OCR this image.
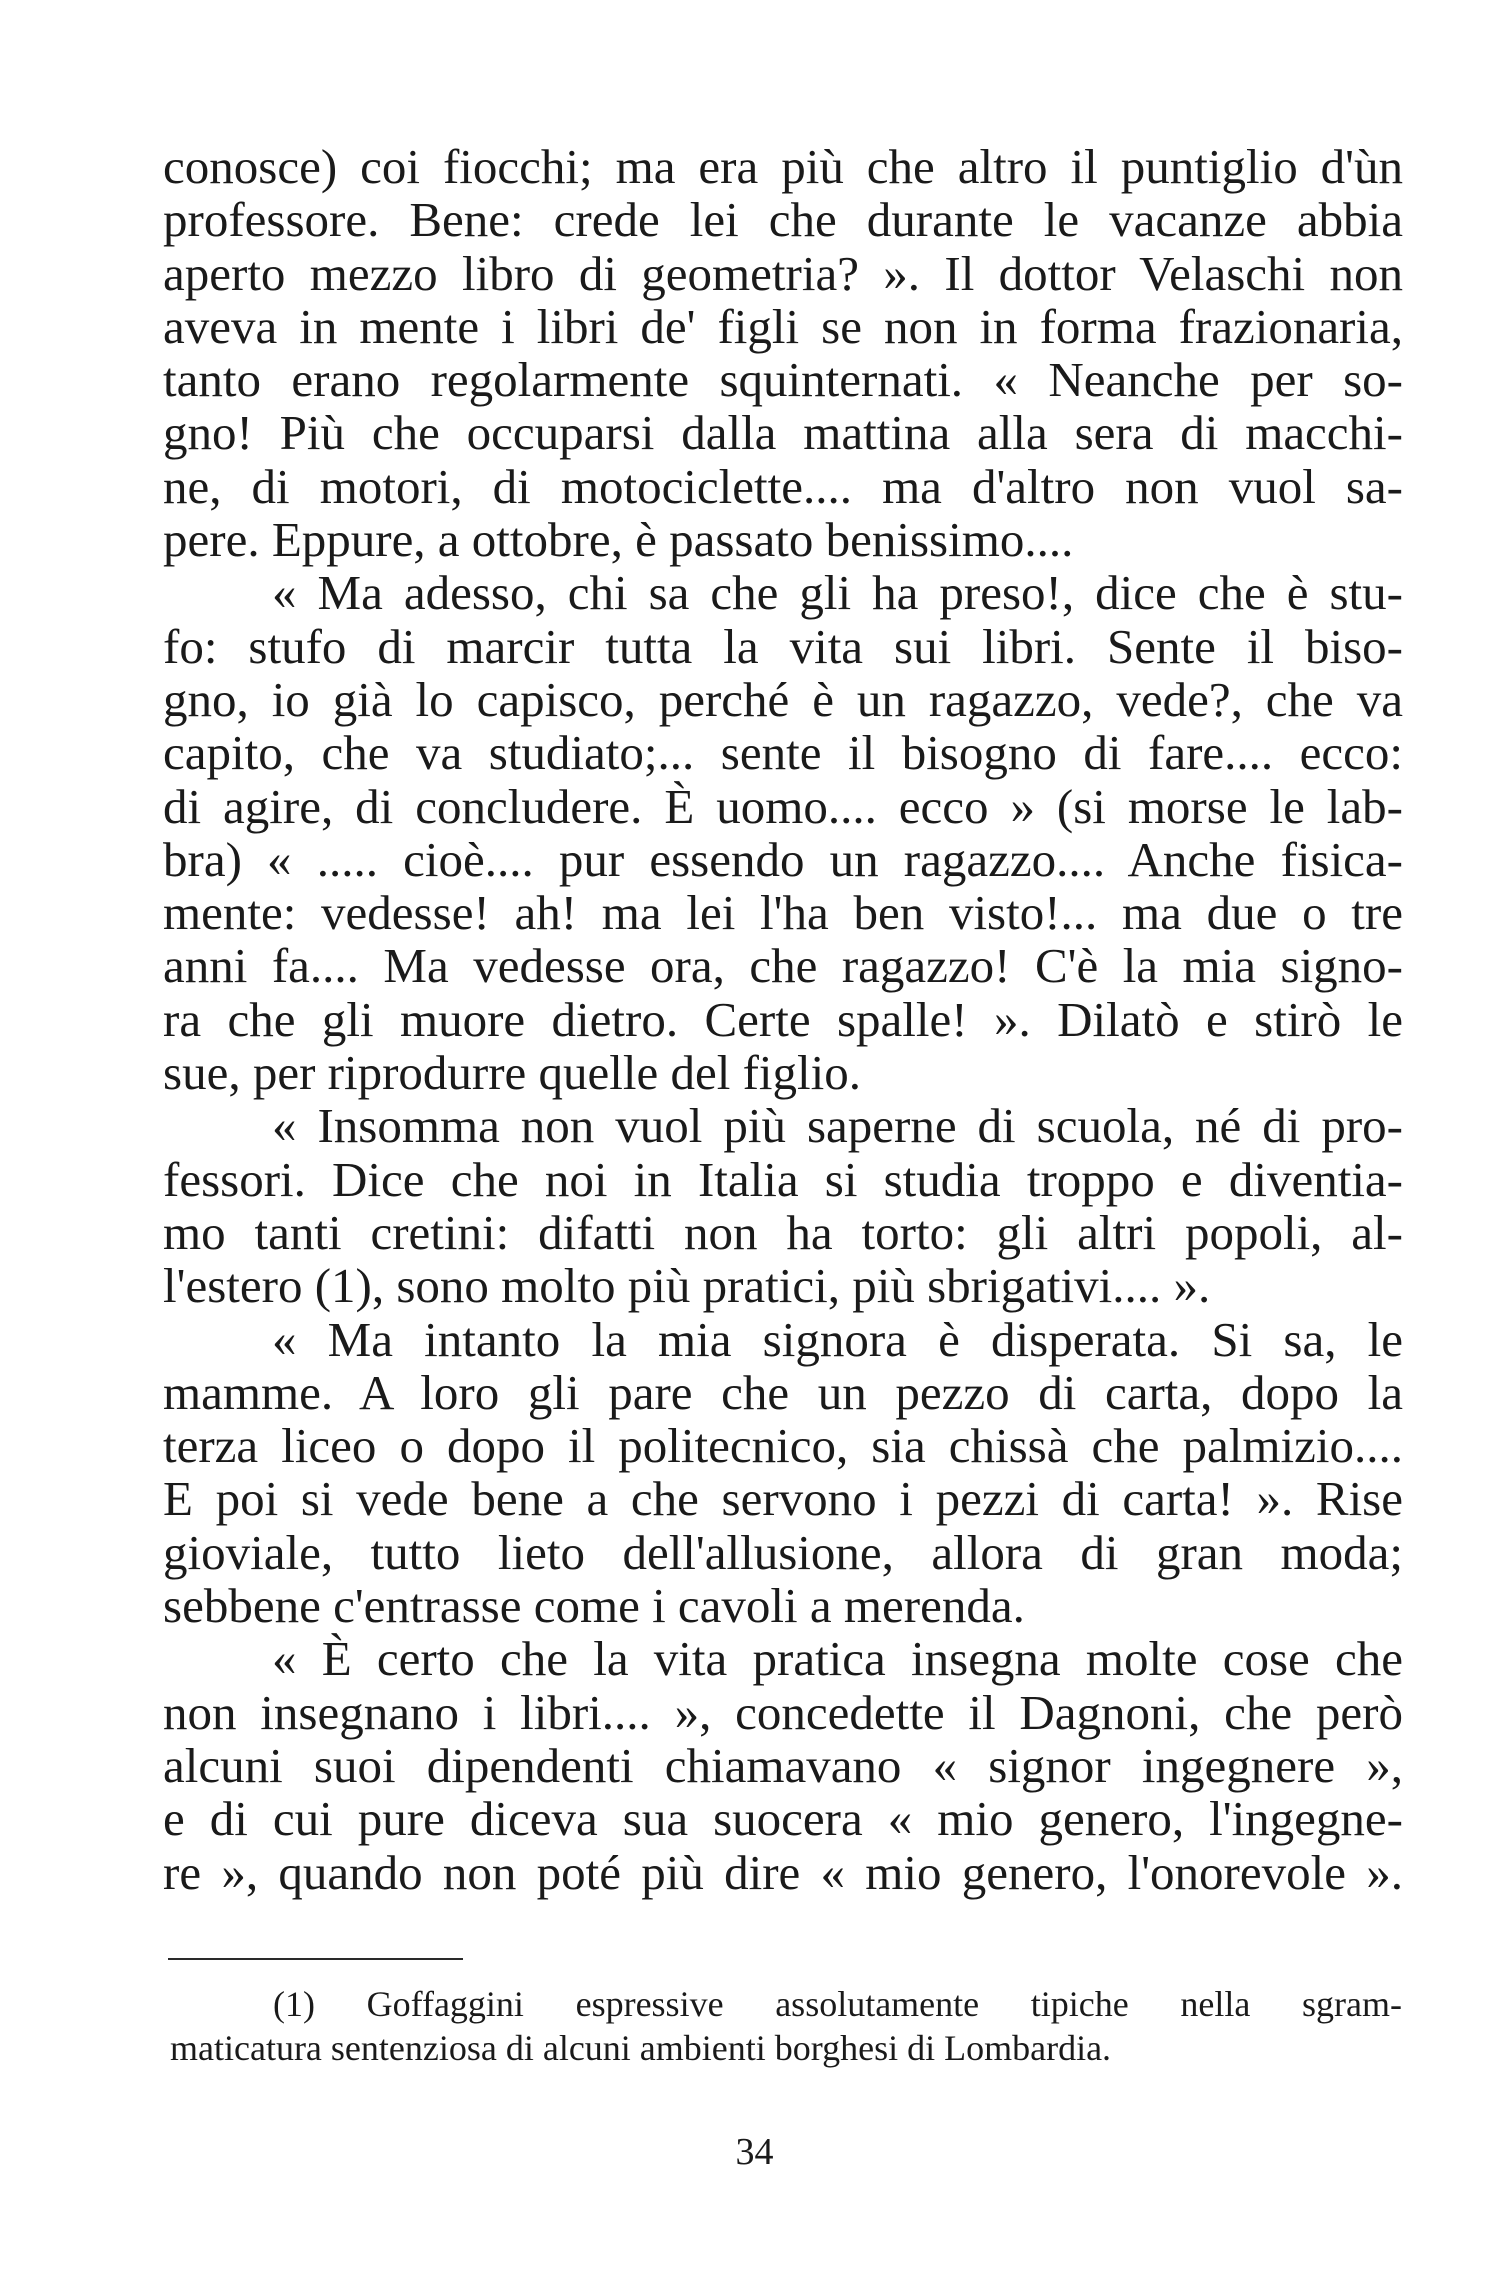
conosce) coi fiocchi; ma era più che altro il puntiglio d'ùn
professore. Bene: crede lei che durante le vacanze abbia
aperto mezzo libro di geometria? ». Il dottor Velaschi non
aveva in mente i libri de' figli se non in forma frazionaria,
tanto erano regolarmente squinternati. « Neanche per so-
gno! Più che occuparsi dalla mattina alla sera di macchi-
ne, di motori, di motociclette.... ma d'altro non vuol sa-
pere. Eppure, a ottobre, è passato benissimo....
« Ma adesso, chi sa che gli ha preso!, dice che è stu-
fo: stufo di marcir tutta la vita sui libri. Sente il biso-
gno, io già lo capisco, perché è un ragazzo, vede?, che va
capito, che va studiato;... sente il bisogno di fare.... ecco:
di agire, di concludere. È uomo.... ecco » (si morse le lab-
bra) « ..... cioè.... pur essendo un ragazzo.... Anche fisica-
mente: vedesse! ah! ma lei l'ha ben visto!... ma due o tre
anni fa.... Ma vedesse ora, che ragazzo! C'è la mia signo-
ra che gli muore dietro. Certe spalle! ». Dilatò e stirò le
sue, per riprodurre quelle del figlio.
« Insomma non vuol più saperne di scuola, né di pro-
fessori. Dice che noi in Italia si studia troppo e diventia-
mo tanti cretini: difatti non ha torto: gli altri popoli, al-
l'estero (1), sono molto più pratici, più sbrigativi.... ».
« Ma intanto la mia signora è disperata. Si sa, le
mamme. A loro gli pare che un pezzo di carta, dopo la
terza liceo o dopo il politecnico, sia chissà che palmizio....
E poi si vede bene a che servono i pezzi di carta! ». Rise
gioviale, tutto lieto dell'allusione, allora di gran moda;
sebbene c'entrasse come i cavoli a merenda.
« È certo che la vita pratica insegna molte cose che
non insegnano i libri.... », concedette il Dagnoni, che però
alcuni suoi dipendenti chiamavano « signor ingegnere »,
e di cui pure diceva sua suocera « mio genero, l'ingegne-
re », quando non poté più dire « mio genero, l'onorevole ».
(1) Goffaggini espressive assolutamente tipiche nella sgram-
maticatura sentenziosa di alcuni ambienti borghesi di Lombardia.
34
